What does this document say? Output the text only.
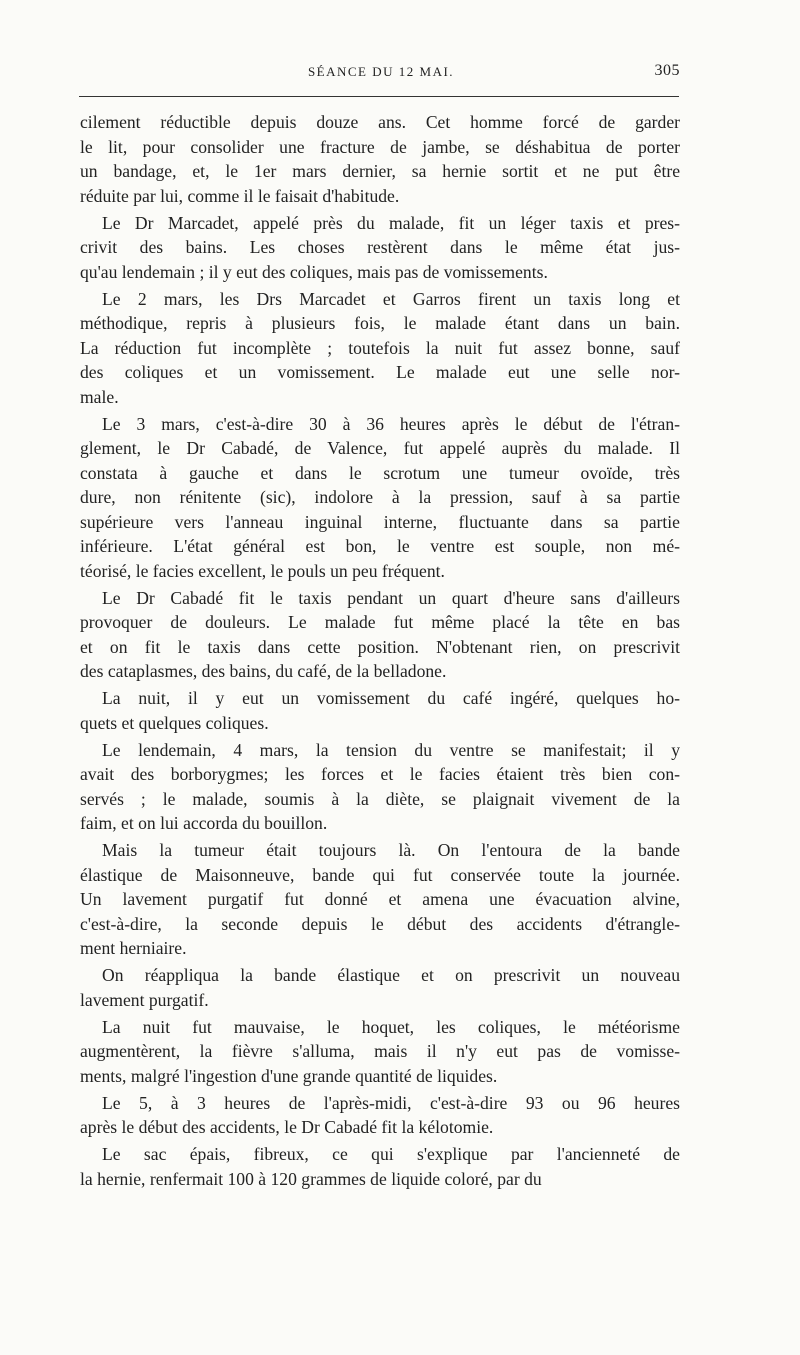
SÉANCE DU 12 MAI.	305
cilement réductible depuis douze ans. Cet homme forcé de garder
le lit, pour consolider une fracture de jambe, se déshabitua de porter
un bandage, et, le 1er mars dernier, sa hernie sortit et ne put être
réduite par lui, comme il le faisait d'habitude.
Le Dr Marcadet, appelé près du malade, fit un léger taxis et pres-
crivit des bains. Les choses restèrent dans le même état jus-
qu'au lendemain ; il y eut des coliques, mais pas de vomissements.
Le 2 mars, les Drs Marcadet et Garros firent un taxis long et
méthodique, repris à plusieurs fois, le malade étant dans un bain.
La réduction fut incomplète ; toutefois la nuit fut assez bonne, sauf
des coliques et un vomissement. Le malade eut une selle nor-
male.
Le 3 mars, c'est-à-dire 30 à 36 heures après le début de l'étran-
glement, le Dr Cabadé, de Valence, fut appelé auprès du malade. Il
constata à gauche et dans le scrotum une tumeur ovoïde, très
dure, non rénitente (sic), indolore à la pression, sauf à sa partie
supérieure vers l'anneau inguinal interne, fluctuante dans sa partie
inférieure. L'état général est bon, le ventre est souple, non mé-
téorisé, le facies excellent, le pouls un peu fréquent.
Le Dr Cabadé fit le taxis pendant un quart d'heure sans d'ailleurs
provoquer de douleurs. Le malade fut même placé la tête en bas
et on fit le taxis dans cette position. N'obtenant rien, on prescrivit
des cataplasmes, des bains, du café, de la belladone.
La nuit, il y eut un vomissement du café ingéré, quelques ho-
quets et quelques coliques.
Le lendemain, 4 mars, la tension du ventre se manifestait; il y
avait des borborygmes; les forces et le facies étaient très bien con-
servés ; le malade, soumis à la diète, se plaignait vivement de la
faim, et on lui accorda du bouillon.
Mais la tumeur était toujours là. On l'entoura de la bande
élastique de Maisonneuve, bande qui fut conservée toute la journée.
Un lavement purgatif fut donné et amena une évacuation alvine,
c'est-à-dire, la seconde depuis le début des accidents d'étrangle-
ment herniaire.
On réappliqua la bande élastique et on prescrivit un nouveau
lavement purgatif.
La nuit fut mauvaise, le hoquet, les coliques, le météorisme
augmentèrent, la fièvre s'alluma, mais il n'y eut pas de vomisse-
ments, malgré l'ingestion d'une grande quantité de liquides.
Le 5, à 3 heures de l'après-midi, c'est-à-dire 93 ou 96 heures
après le début des accidents, le Dr Cabadé fit la kélotomie.
Le sac épais, fibreux, ce qui s'explique par l'ancienneté de
la hernie, renfermait 100 à 120 grammes de liquide coloré, par du
